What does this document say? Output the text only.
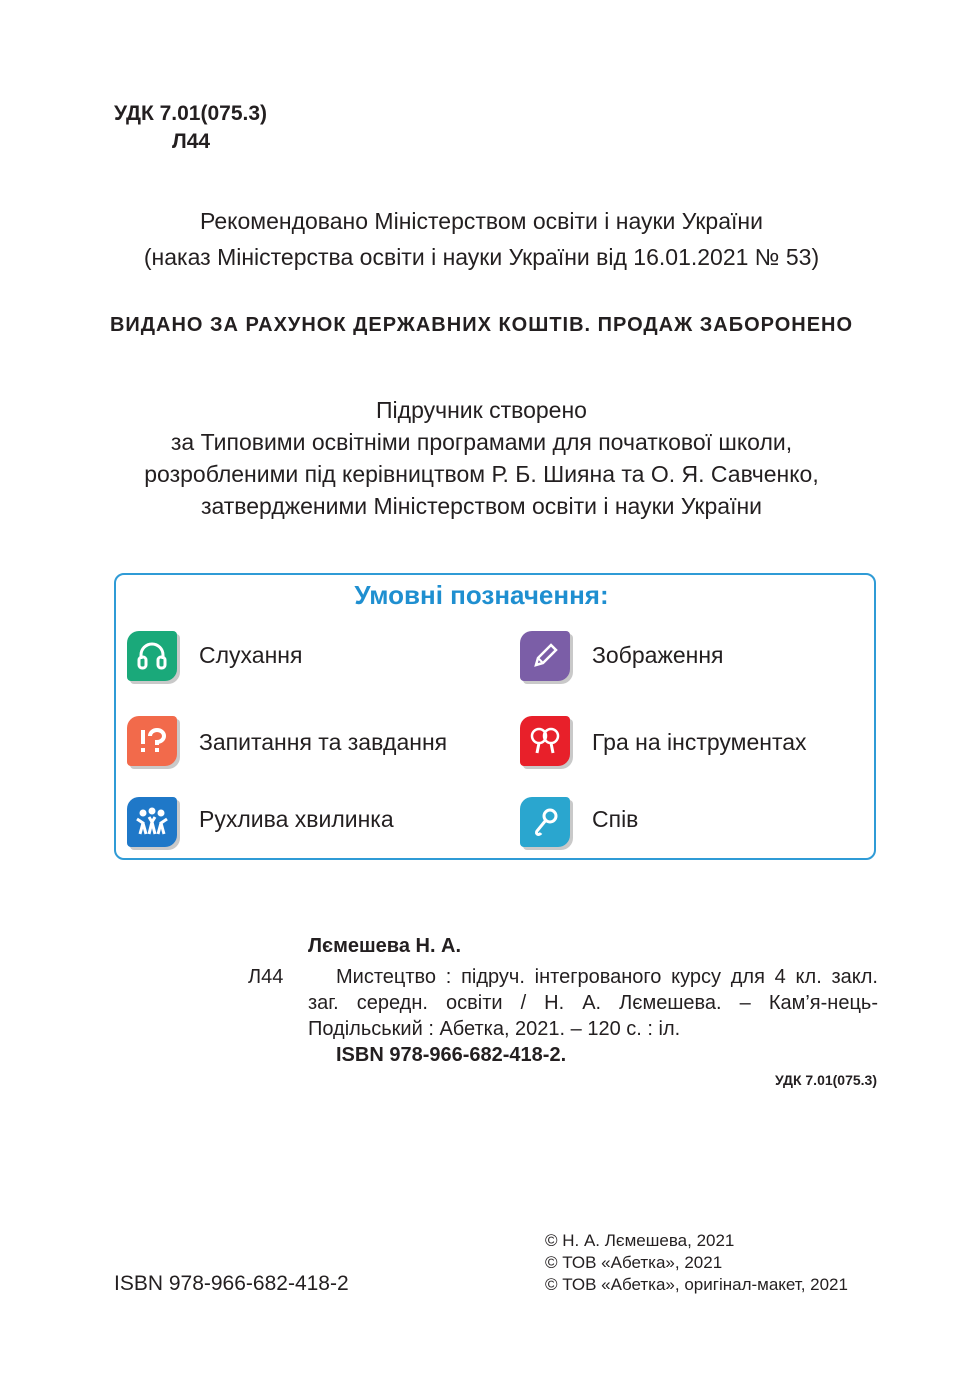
УДК 7.01(075.3)
Л44
Рекомендовано Міністерством освіти і науки України
(наказ Міністерства освіти і науки України від 16.01.2021 № 53)
ВИДАНО ЗА РАХУНОК ДЕРЖАВНИХ КОШТІВ. ПРОДАЖ ЗАБОРОНЕНО
Підручник створено
за Типовими освітніми програмами для початкової школи,
розробленими під керівництвом Р. Б. Шияна та О. Я. Савченко,
затвердженими Міністерством освіти і науки України
Умовні позначення:
Слухання	Зображення
Запитання та завдання	Гра на інструментах
Рухлива хвилинка	Спів
Лємешева Н. А.
Л44	Мистецтво : підруч. інтегрованого курсу для 4 кл. закл. заг. середн. освіти / Н. А. Лємешева. – Кам’я-нець-Подільський : Абетка, 2021. – 120 с. : іл.
ISBN 978-966-682-418-2.
УДК 7.01(075.3)
ISBN 978-966-682-418-2
© Н. А. Лємешева, 2021
© ТОВ «Абетка», 2021
© ТОВ «Абетка», оригінал-макет, 2021
